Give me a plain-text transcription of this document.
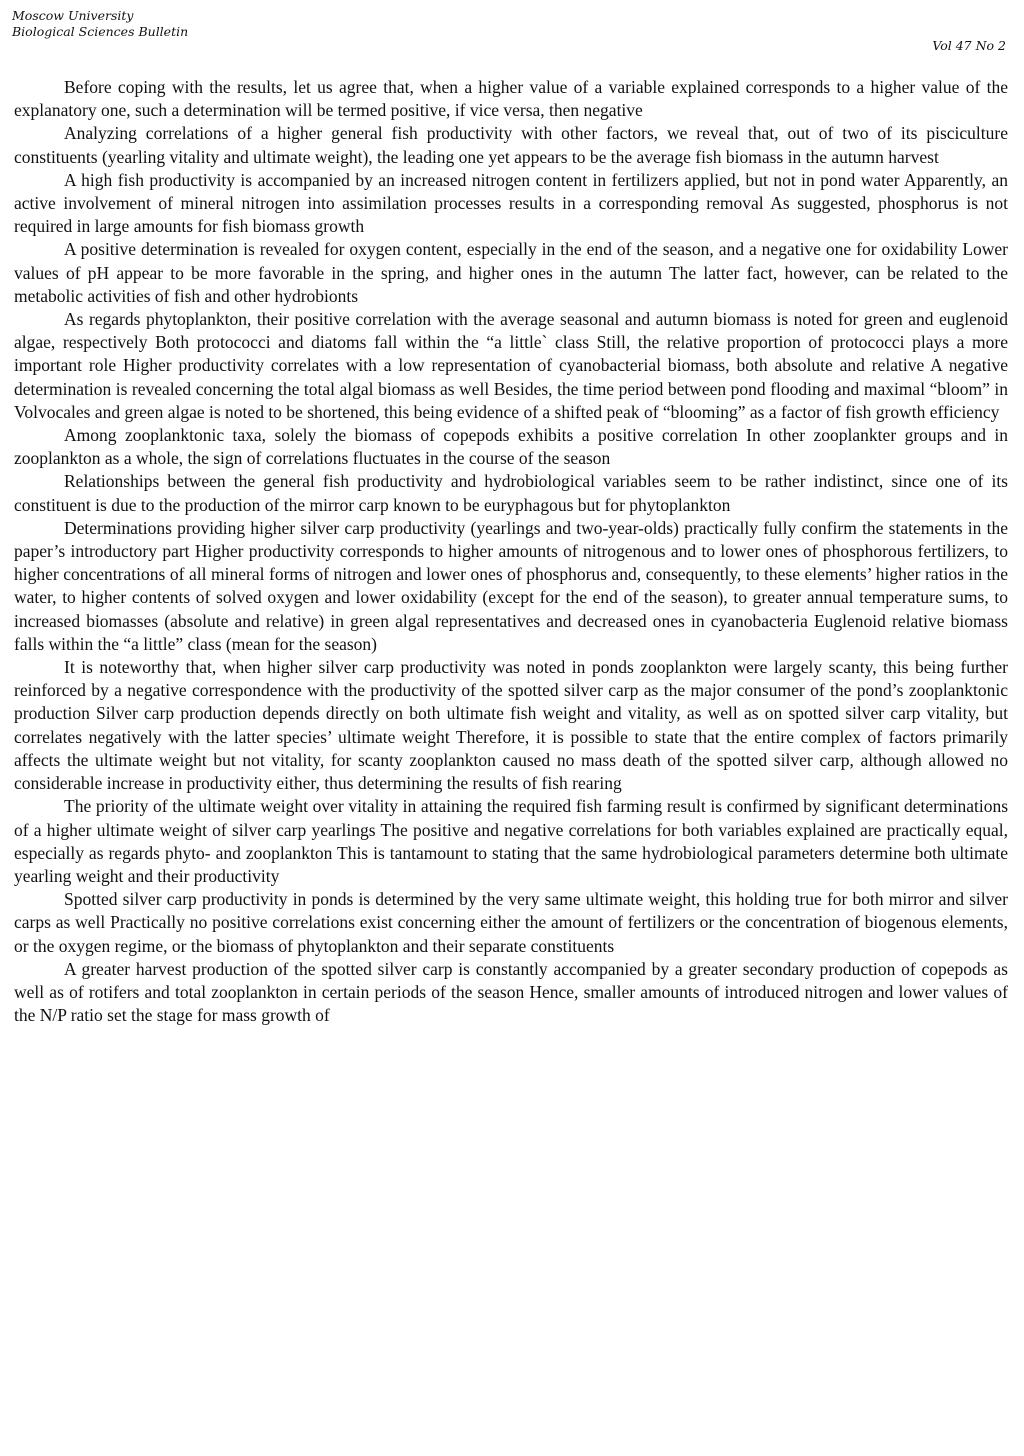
Moscow University
Biological Sciences Bulletin
Vol 47 No 2

Before coping with the results, let us agree that, when a higher value of a variable explained corresponds to a higher value of the explanatory one, such a determination will be termed positive, if vice versa, then negative

Analyzing correlations of a higher general fish productivity with other factors, we reveal that, out of two of its pisciculture constituents (yearling vitality and ultimate weight), the leading one yet appears to be the average fish biomass in the autumn harvest

A high fish productivity is accompanied by an increased nitrogen content in fertilizers applied, but not in pond water Apparently, an active involvement of mineral nitrogen into assimilation processes results in a corresponding removal As suggested, phosphorus is not required in large amounts for fish biomass growth

A positive determination is revealed for oxygen content, especially in the end of the season, and a negative one for oxidability Lower values of pH appear to be more favorable in the spring, and higher ones in the autumn The latter fact, however, can be related to the metabolic activities of fish and other hydrobionts

As regards phytoplankton, their positive correlation with the average seasonal and autumn biomass is noted for green and euglenoid algae, respectively Both protococci and diatoms fall within the “a little` class Still, the relative proportion of protococci plays a more important role Higher productivity correlates with a low representation of cyanobacterial biomass, both absolute and relative A negative determination is revealed concerning the total algal biomass as well Besides, the time period between pond flooding and maximal “bloom” in Volvocales and green algae is noted to be shortened, this being evidence of a shifted peak of “blooming” as a factor of fish growth efficiency

Among zooplanktonic taxa, solely the biomass of copepods exhibits a positive correlation In other zooplankter groups and in zooplankton as a whole, the sign of correlations fluctuates in the course of the season

Relationships between the general fish productivity and hydrobiological variables seem to be rather indistinct, since one of its constituent is due to the production of the mirror carp known to be euryphagous but for phytoplankton

Determinations providing higher silver carp productivity (yearlings and two-year-olds) practically fully confirm the statements in the paper’s introductory part Higher productivity corresponds to higher amounts of nitrogenous and to lower ones of phosphorous fertilizers, to higher concentrations of all mineral forms of nitrogen and lower ones of phosphorus and, consequently, to these elements’ higher ratios in the water, to higher contents of solved oxygen and lower oxidability (except for the end of the season), to greater annual temperature sums, to increased biomasses (absolute and relative) in green algal representatives and decreased ones in cyanobacteria Euglenoid relative biomass falls within the “a little” class (mean for the season)

It is noteworthy that, when higher silver carp productivity was noted in ponds zooplankton were largely scanty, this being further reinforced by a negative correspondence with the productivity of the spotted silver carp as the major consumer of the pond’s zooplanktonic production Silver carp production depends directly on both ultimate fish weight and vitality, as well as on spotted silver carp vitality, but correlates negatively with the latter species’ ultimate weight Therefore, it is possible to state that the entire complex of factors primarily affects the ultimate weight but not vitality, for scanty zooplankton caused no mass death of the spotted silver carp, although allowed no considerable increase in productivity either, thus determining the results of fish rearing

The priority of the ultimate weight over vitality in attaining the required fish farming result is confirmed by significant determinations of a higher ultimate weight of silver carp yearlings The positive and negative correlations for both variables explained are practically equal, especially as regards phyto- and zooplankton This is tantamount to stating that the same hydrobiological parameters determine both ultimate yearling weight and their productivity

Spotted silver carp productivity in ponds is determined by the very same ultimate weight, this holding true for both mirror and silver carps as well Practically no positive correlations exist concerning either the amount of fertilizers or the concentration of biogenous elements, or the oxygen regime, or the biomass of phytoplankton and their separate constituents

A greater harvest production of the spotted silver carp is constantly accompanied by a greater secondary production of copepods as well as of rotifers and total zooplankton in certain periods of the season Hence, smaller amounts of introduced nitrogen and lower values of the N/P ratio set the stage for mass growth of
